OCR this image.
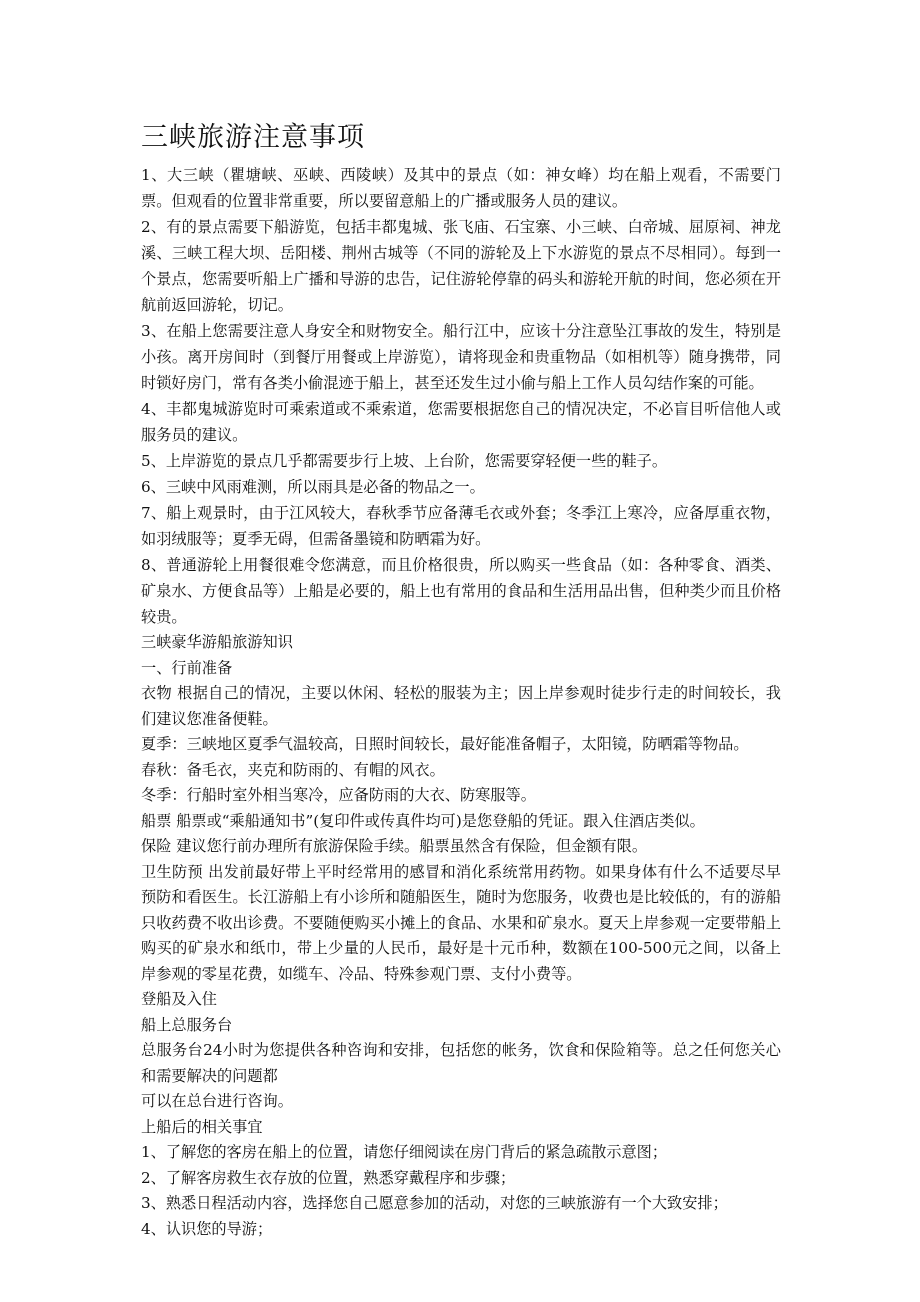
三峡旅游注意事项

1、大三峡（瞿塘峡、巫峡、西陵峡）及其中的景点（如：神女峰）均在船上观看，不需要门票。但观看的位置非常重要，所以要留意船上的广播或服务人员的建议。

2、有的景点需要下船游览，包括丰都鬼城、张飞庙、石宝寨、小三峡、白帝城、屈原祠、神龙溪、三峡工程大坝、岳阳楼、荆州古城等（不同的游轮及上下水游览的景点不尽相同）。每到一个景点，您需要听船上广播和导游的忠告，记住游轮停靠的码头和游轮开航的时间，您必须在开航前返回游轮，切记。

3、在船上您需要注意人身安全和财物安全。船行江中，应该十分注意坠江事故的发生，特别是小孩。离开房间时（到餐厅用餐或上岸游览），请将现金和贵重物品（如相机等）随身携带，同时锁好房门，常有各类小偷混迹于船上，甚至还发生过小偷与船上工作人员勾结作案的可能。

4、丰都鬼城游览时可乘索道或不乘索道，您需要根据您自己的情况决定，不必盲目听信他人或服务员的建议。

5、上岸游览的景点几乎都需要步行上坡、上台阶，您需要穿轻便一些的鞋子。

6、三峡中风雨难测，所以雨具是必备的物品之一。

7、船上观景时，由于江风较大，春秋季节应备薄毛衣或外套；冬季江上寒冷，应备厚重衣物，如羽绒服等；夏季无碍，但需备墨镜和防晒霜为好。

8、普通游轮上用餐很难令您满意，而且价格很贵，所以购买一些食品（如：各种零食、酒类、矿泉水、方便食品等）上船是必要的，船上也有常用的食品和生活用品出售，但种类少而且价格较贵。

三峡豪华游船旅游知识

一、行前准备

衣物 根据自己的情况，主要以休闲、轻松的服装为主；因上岸参观时徒步行走的时间较长，我们建议您准备便鞋。

夏季：三峡地区夏季气温较高，日照时间较长，最好能准备帽子，太阳镜，防晒霜等物品。

春秋：备毛衣，夹克和防雨的、有帽的风衣。

冬季：行船时室外相当寒冷，应备防雨的大衣、防寒服等。

船票 船票或“乘船通知书”(复印件或传真件均可)是您登船的凭证。跟入住酒店类似。

保险 建议您行前办理所有旅游保险手续。船票虽然含有保险，但金额有限。

卫生防预 出发前最好带上平时经常用的感冒和消化系统常用药物。如果身体有什么不适要尽早预防和看医生。长江游船上有小诊所和随船医生，随时为您服务，收费也是比较低的，有的游船只收药费不收出诊费。不要随便购买小摊上的食品、水果和矿泉水。夏天上岸参观一定要带船上购买的矿泉水和纸巾，带上少量的人民币，最好是十元币种，数额在100-500元之间，以备上岸参观的零星花费，如缆车、冷品、特殊参观门票、支付小费等。

登船及入住

船上总服务台

总服务台24小时为您提供各种咨询和安排，包括您的帐务，饮食和保险箱等。总之任何您关心和需要解决的问题都

可以在总台进行咨询。

上船后的相关事宜

1、了解您的客房在船上的位置，请您仔细阅读在房门背后的紧急疏散示意图；

2、了解客房救生衣存放的位置，熟悉穿戴程序和步骤；

3、熟悉日程活动内容，选择您自己愿意参加的活动，对您的三峡旅游有一个大致安排；

4、认识您的导游；
